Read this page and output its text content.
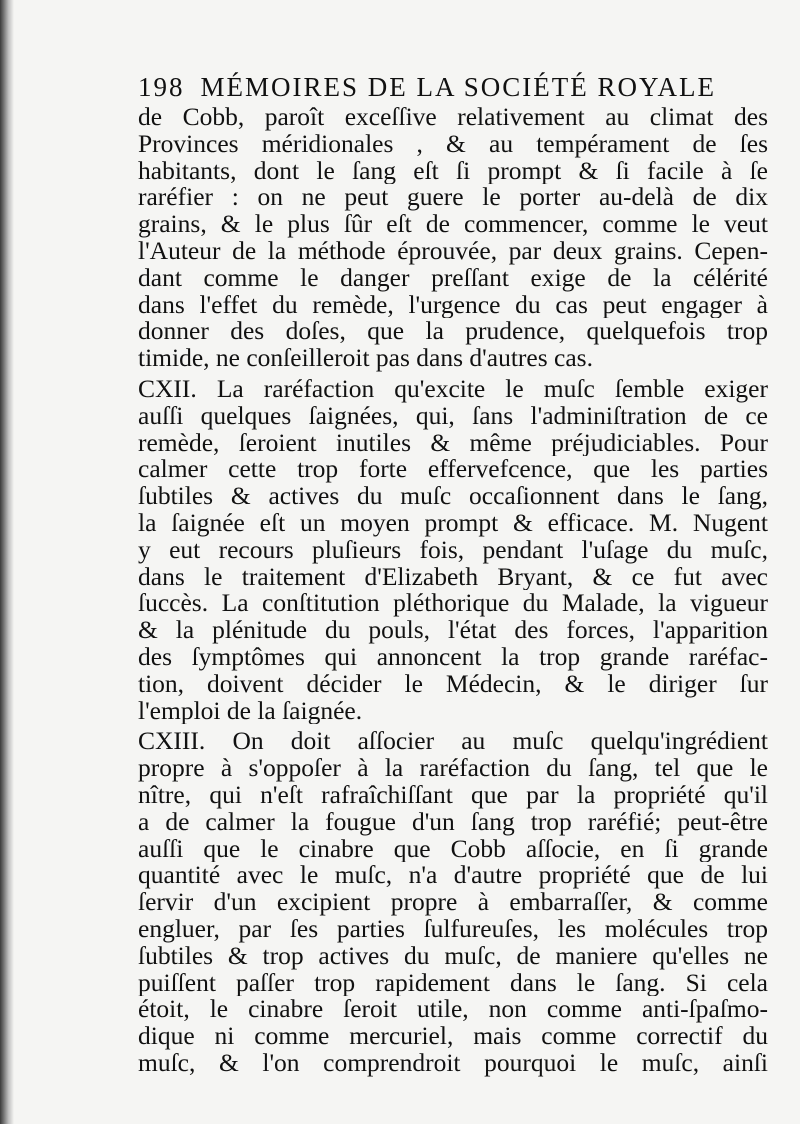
198 MÉMOIRES DE LA SOCIÉTÉ ROYALE
de Cobb, paroît exceſſive relativement au climat des
Provinces méridionales , & au tempérament de ſes
habitants, dont le ſang eſt ſi prompt & ſi facile à ſe
raréfier : on ne peut guere le porter au-delà de dix
grains, & le plus ſûr eſt de commencer, comme le veut
l'Auteur de la méthode éprouvée, par deux grains. Cepen-
dant comme le danger preſſant exige de la célérité
dans l'effet du remède, l'urgence du cas peut engager à
donner des doſes, que la prudence, quelquefois trop
timide, ne conſeilleroit pas dans d'autres cas.
CXII. La raréfaction qu'excite le muſc ſemble exiger
auſſi quelques ſaignées, qui, ſans l'adminiſtration de ce
remède, ſeroient inutiles & même préjudiciables. Pour
calmer cette trop forte effervefcence, que les parties
ſubtiles & actives du muſc occaſionnent dans le ſang,
la ſaignée eſt un moyen prompt & efficace. M. Nugent
y eut recours pluſieurs fois, pendant l'uſage du muſc,
dans le traitement d'Elizabeth Bryant, & ce fut avec
ſuccès. La conſtitution pléthorique du Malade, la vigueur
& la plénitude du pouls, l'état des forces, l'apparition
des ſymptômes qui annoncent la trop grande raréfac-
tion, doivent décider le Médecin, & le diriger ſur
l'emploi de la ſaignée.
CXIII. On doit aſſocier au muſc quelqu'ingrédient
propre à s'oppoſer à la raréfaction du ſang, tel que le
nître, qui n'eſt rafraîchiſſant que par la propriété qu'il
a de calmer la fougue d'un ſang trop raréfié; peut-être
auſſi que le cinabre que Cobb aſſocie, en ſi grande
quantité avec le muſc, n'a d'autre propriété que de lui
ſervir d'un excipient propre à embarraſſer, & comme
engluer, par ſes parties ſulfureuſes, les molécules trop
ſubtiles & trop actives du muſc, de maniere qu'elles ne
puiſſent paſſer trop rapidement dans le ſang. Si cela
étoit, le cinabre ſeroit utile, non comme anti-ſpaſmo-
dique ni comme mercuriel, mais comme correctif du
muſc, & l'on comprendroit pourquoi le muſc, ainſi
